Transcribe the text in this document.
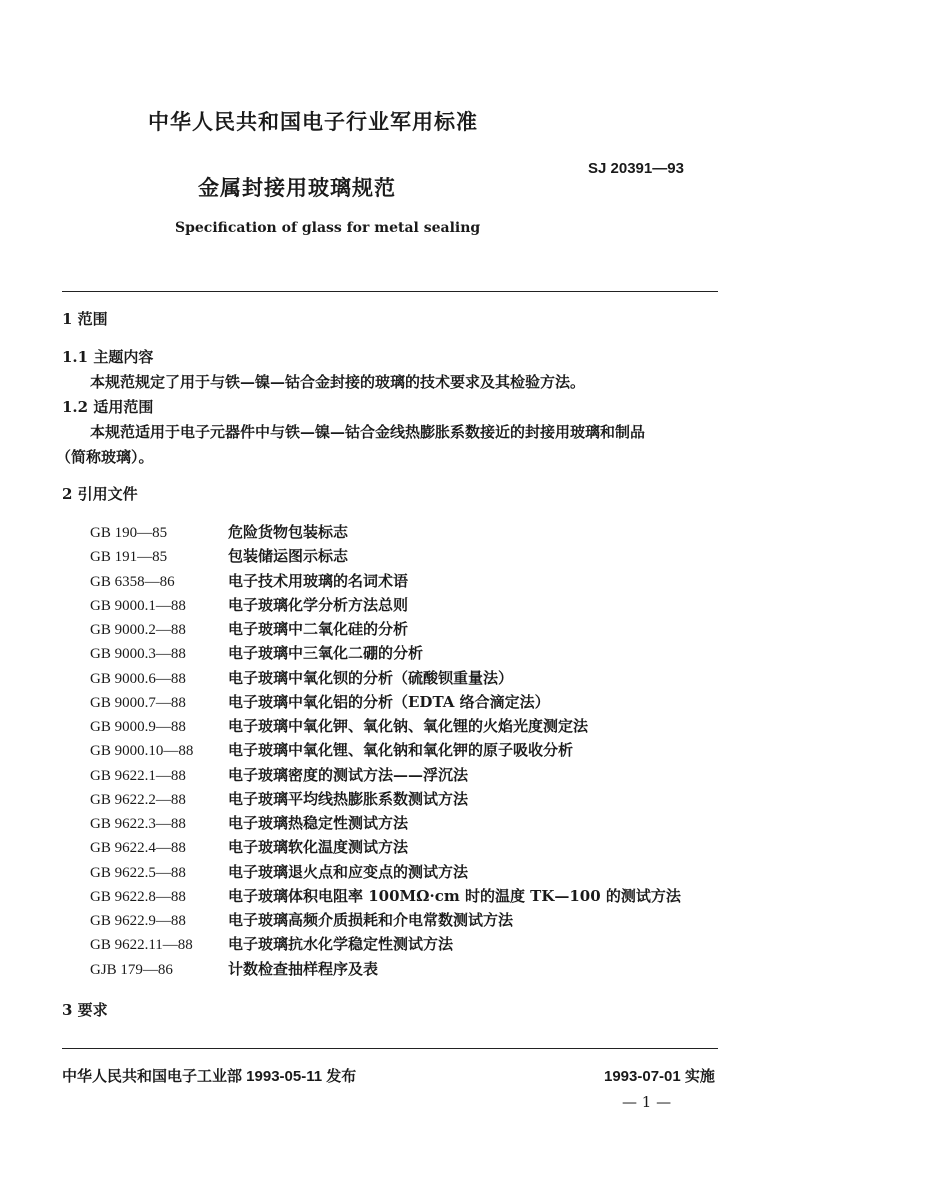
中华人民共和国电子行业军用标准
金属封接用玻璃规范
SJ 20391—93
Specification of glass for metal sealing
1 范围
1.1 主题内容
本规范规定了用于与铁—镍—钴合金封接的玻璃的技术要求及其检验方法。
1.2 适用范围
本规范适用于电子元器件中与铁—镍—钴合金线热膨胀系数接近的封接用玻璃和制品
（简称玻璃）。
2 引用文件
GB 190—85	危险货物包装标志
GB 191—85	包装储运图示标志
GB 6358—86	电子技术用玻璃的名词术语
GB 9000.1—88	电子玻璃化学分析方法总则
GB 9000.2—88	电子玻璃中二氧化硅的分析
GB 9000.3—88	电子玻璃中三氧化二硼的分析
GB 9000.6—88	电子玻璃中氧化钡的分析（硫酸钡重量法）
GB 9000.7—88	电子玻璃中氧化铝的分析（EDTA 络合滴定法）
GB 9000.9—88	电子玻璃中氧化钾、氧化钠、氧化锂的火焰光度测定法
GB 9000.10—88 电子玻璃中氧化锂、氧化钠和氧化钾的原子吸收分析
GB 9622.1—88	电子玻璃密度的测试方法——浮沉法
GB 9622.2—88	电子玻璃平均线热膨胀系数测试方法
GB 9622.3—88	电子玻璃热稳定性测试方法
GB 9622.4—88	电子玻璃软化温度测试方法
GB 9622.5—88	电子玻璃退火点和应变点的测试方法
GB 9622.8—88	电子玻璃体积电阻率 100MΩ·cm 时的温度 TK—100 的测试方法
GB 9622.9—88	电子玻璃高频介质损耗和介电常数测试方法
GB 9622.11—88 电子玻璃抗水化学稳定性测试方法
GJB 179—86	计数检查抽样程序及表
3 要求
中华人民共和国电子工业部 1993-05-11 发布	1993-07-01 实施
— 1 —
